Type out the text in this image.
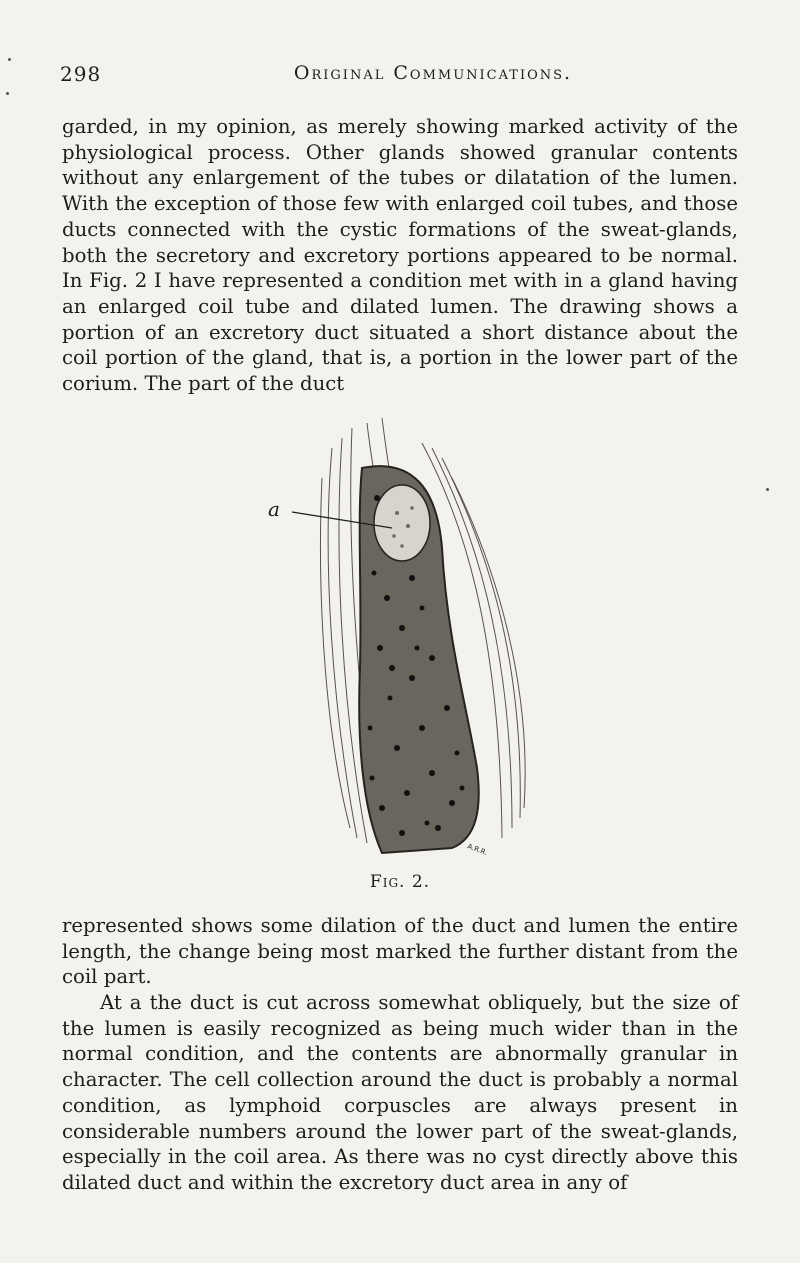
298	Original Communications.

garded, in my opinion, as merely showing marked activity of the physiological process. Other glands showed granular contents without any enlargement of the tubes or dilatation of the lumen. With the exception of those few with enlarged coil tubes, and those ducts connected with the cystic formations of the sweat-glands, both the secretory and excretory portions appeared to be normal. In Fig. 2 I have represented a condition met with in a gland having an enlarged coil tube and dilated lumen. The drawing shows a portion of an excretory duct situated a short distance about the coil portion of the gland, that is, a portion in the lower part of the corium. The part of the duct

a
A.R.R.
Fig. 2.

represented shows some dilation of the duct and lumen the entire length, the change being most marked the further distant from the coil part.

At a the duct is cut across somewhat obliquely, but the size of the lumen is easily recognized as being much wider than in the normal condition, and the contents are abnormally granular in character. The cell collection around the duct is probably a normal condition, as lymphoid corpuscles are always present in considerable numbers around the lower part of the sweat-glands, especially in the coil area. As there was no cyst directly above this dilated duct and within the excretory duct area in any of
